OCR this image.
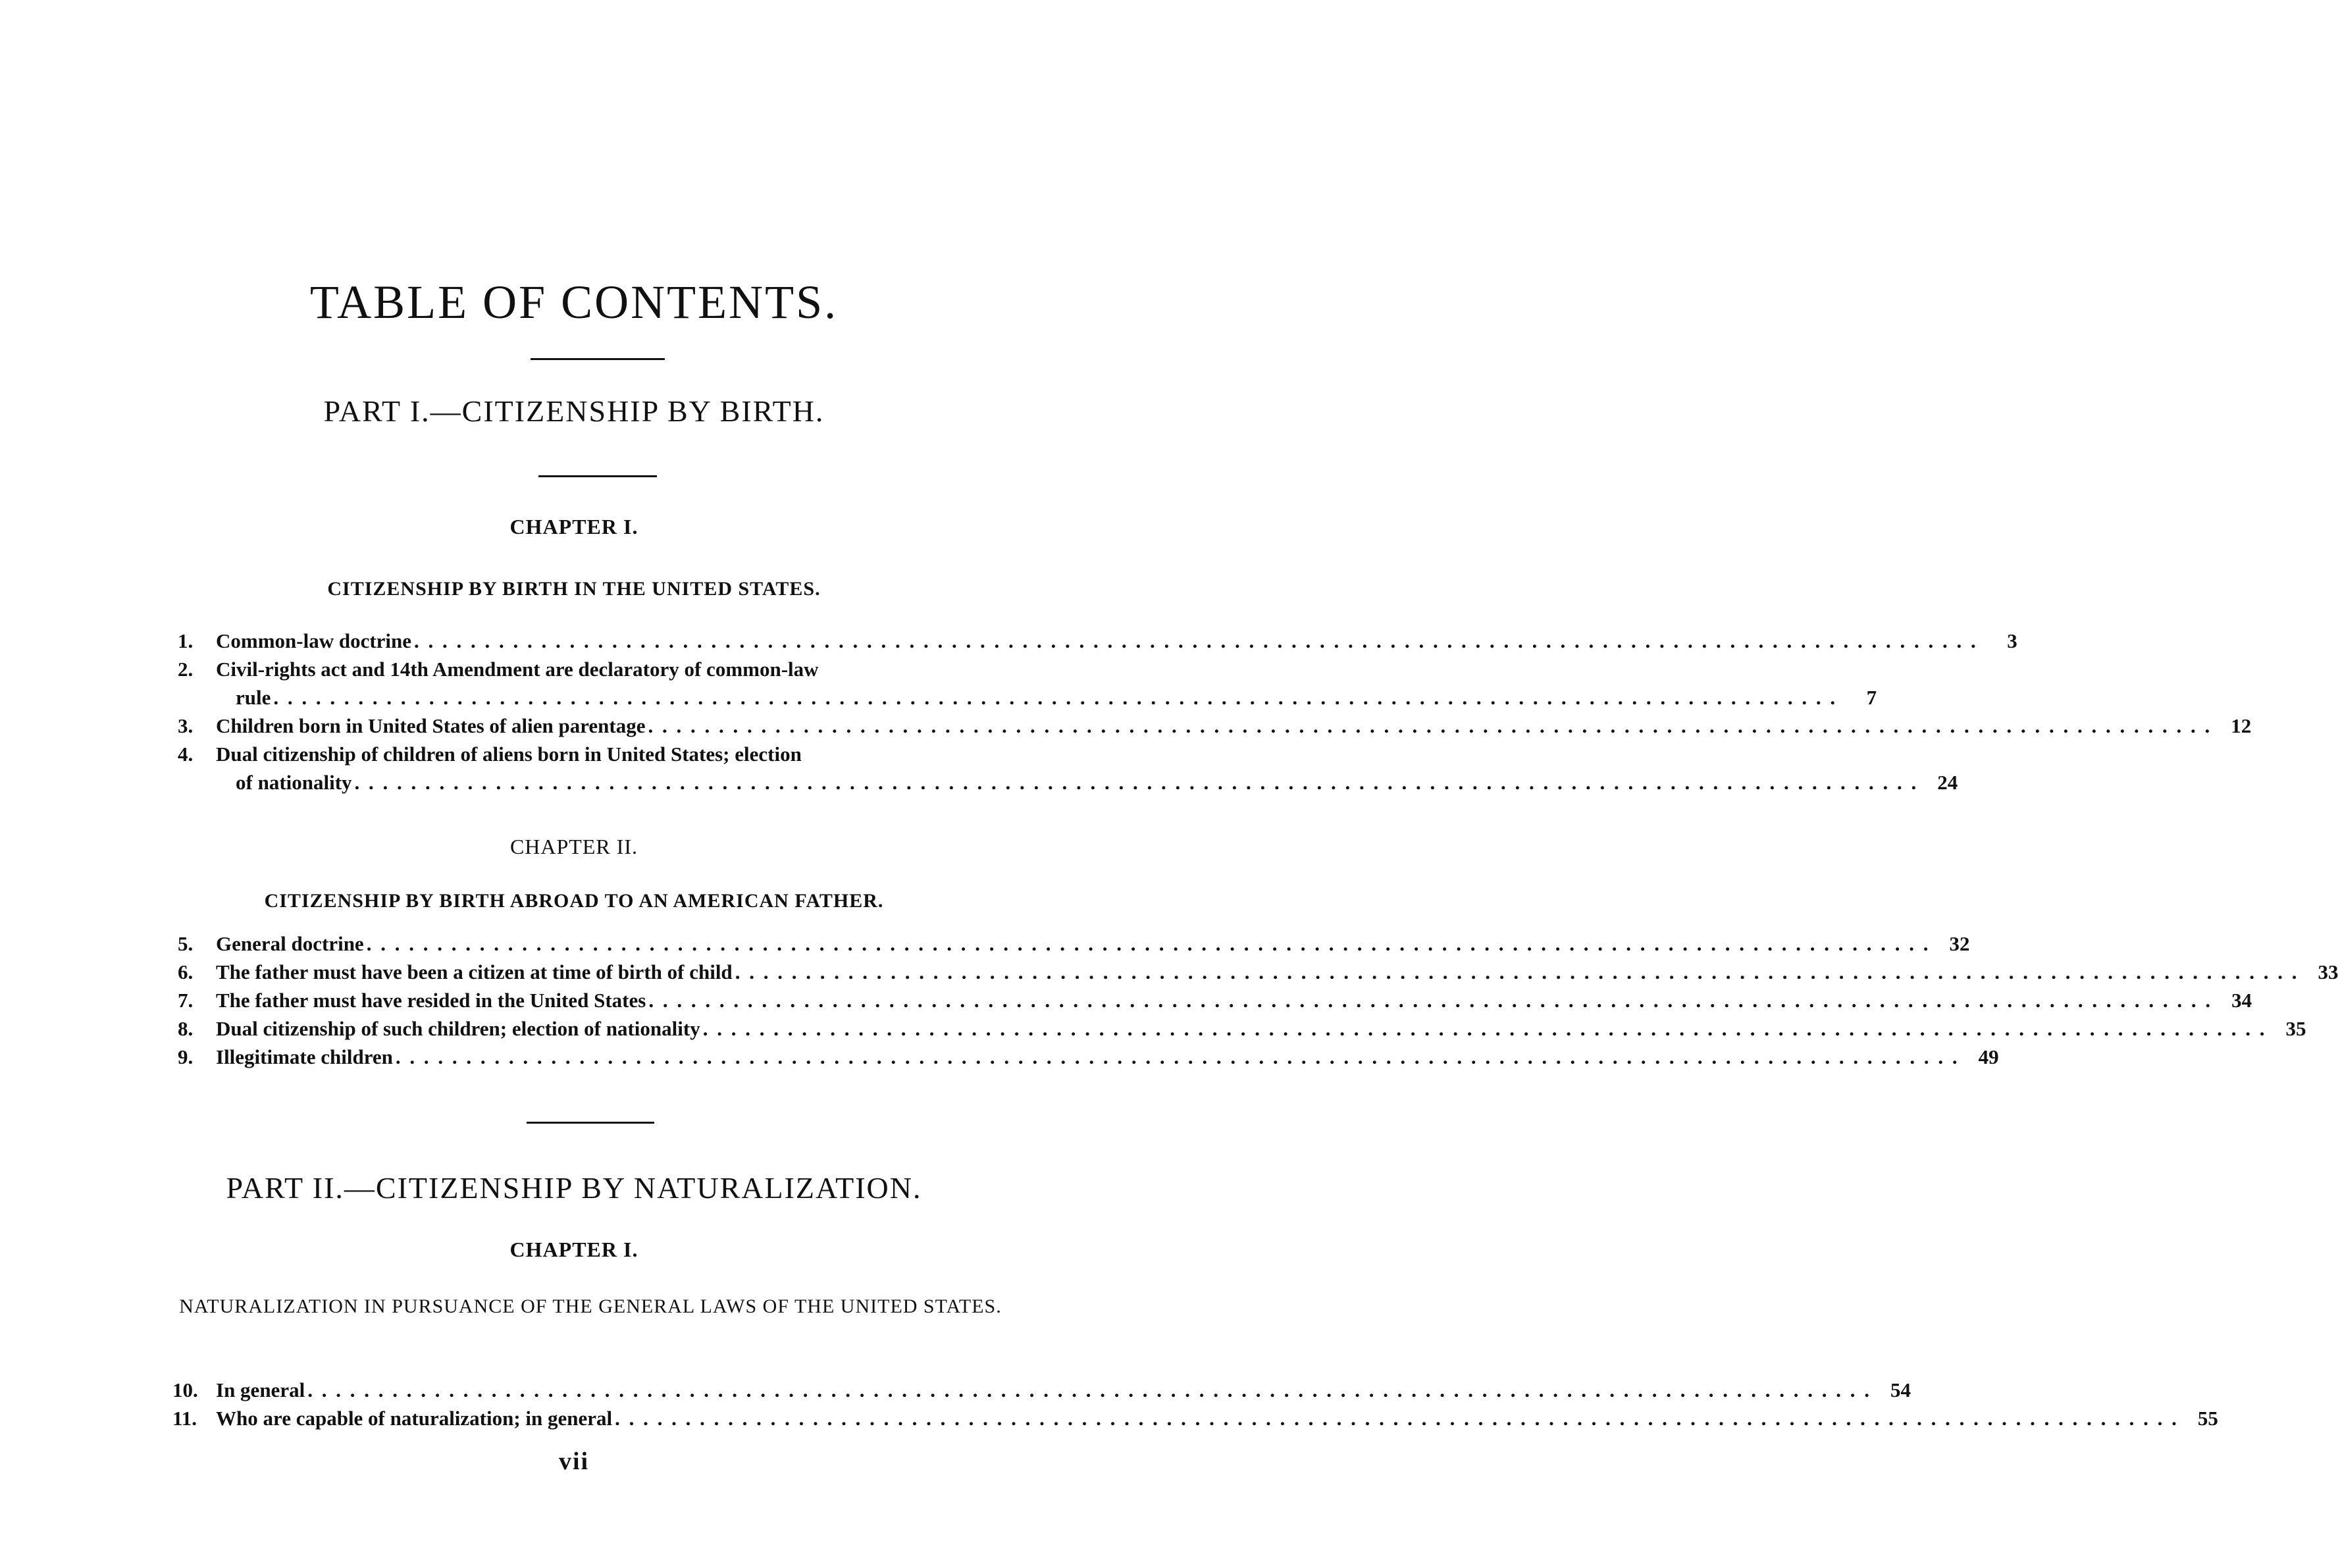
TABLE OF CONTENTS.
PART I.—CITIZENSHIP BY BIRTH.
CHAPTER I.
CITIZENSHIP BY BIRTH IN THE UNITED STATES.
1.	Common-law doctrine . . .	3
2.	Civil-rights act and 14th Amendment are declaratory of common-law
rule . . .	7
3.	Children born in United States of alien parentage . . .	12
4.	Dual citizenship of children of aliens born in United States; election
of nationality . . .	24
CHAPTER II.
CITIZENSHIP BY BIRTH ABROAD TO AN AMERICAN FATHER.
5.	General doctrine . . .	32
6.	The father must have been a citizen at time of birth of child . . .	33
7.	The father must have resided in the United States . . .	34
8.	Dual citizenship of such children; election of nationality . . .	35
9.	Illegitimate children . . .	49
PART II.—CITIZENSHIP BY NATURALIZATION.
CHAPTER I.
NATURALIZATION IN PURSUANCE OF THE GENERAL LAWS OF THE UNITED STATES.
10. In general . . .	54
11. Who are capable of naturalization; in general . . .	55
vii
